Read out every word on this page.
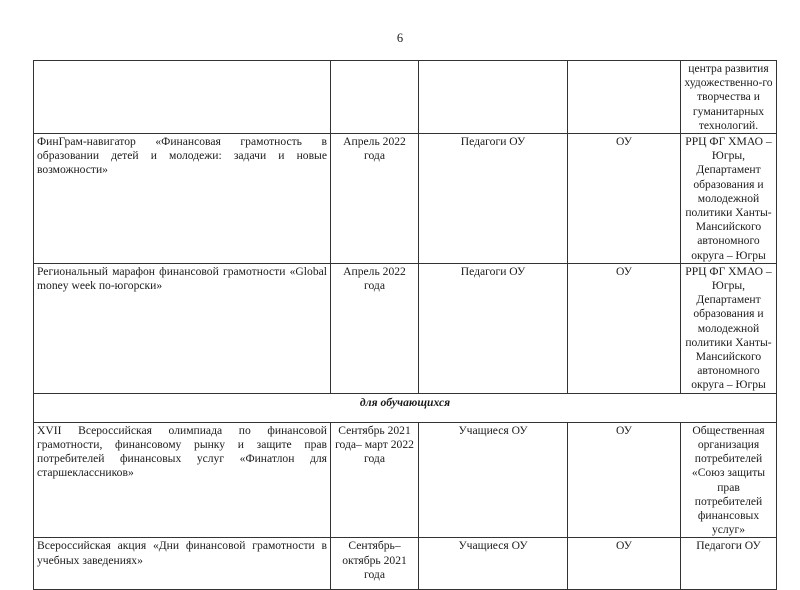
6
				центра развития художественно-го творчества и гуманитарных технологий.
ФинГрам-навигатор «Финансовая грамотность в образовании детей и молодежи: задачи и новые возможности»	Апрель 2022 года	Педагоги ОУ	ОУ	РРЦ ФГ ХМАО – Югры, Департамент образования и молодежной политики Ханты-Мансийского автономного округа – Югры
Региональный марафон финансовой грамотности «Global money week по-югорски»	Апрель 2022 года	Педагоги ОУ	ОУ	РРЦ ФГ ХМАО – Югры, Департамент образования и молодежной политики Ханты-Мансийского автономного округа – Югры
для обучающихся				
XVII Всероссийская олимпиада по финансовой грамотности, финансовому рынку и защите прав потребителей финансовых услуг «Финатлон для старшеклассников»	Сентябрь 2021 года– март 2022 года	Учащиеся ОУ	ОУ	Общественная организация потребителей «Союз защиты прав потребителей финансовых услуг»
Всероссийская акция «Дни финансовой грамотности в учебных заведениях»	Сентябрь– октябрь 2021 года	Учащиеся ОУ	ОУ	Педагоги ОУ
